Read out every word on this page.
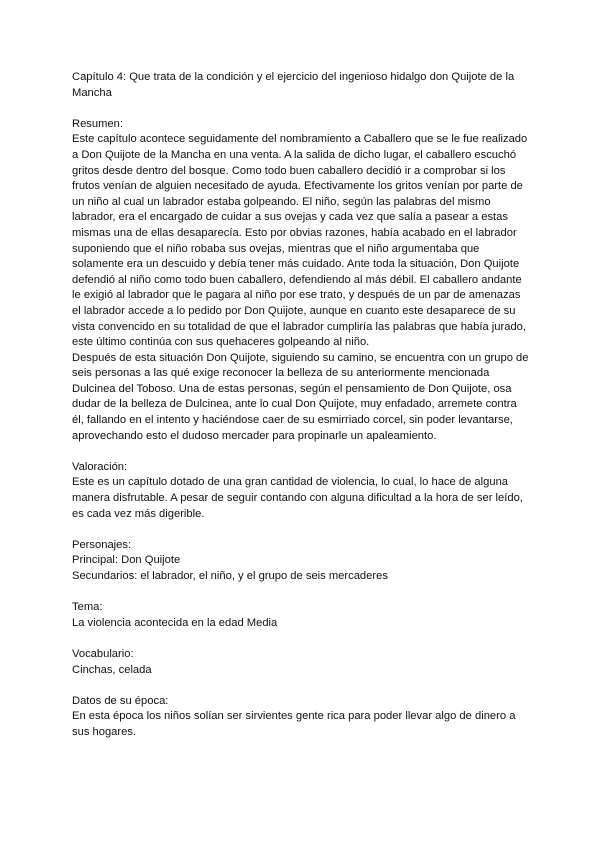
Capítulo 4: Que trata de la condición y el ejercicio del ingenioso hidalgo don Quijote de la Mancha

Resumen:

Este capítulo acontece seguidamente del nombramiento a Caballero que se le fue realizado a Don Quijote de la Mancha en una venta. A la salida de dicho lugar, el caballero escuchó gritos desde dentro del bosque. Como todo buen caballero decidió ir a comprobar si los frutos venían de alguien necesitado de ayuda. Efectivamente los gritos venían por parte de un niño al cual un labrador estaba golpeando. El niño, según las palabras del mismo labrador, era el encargado de cuidar a sus ovejas y cada vez que salía a pasear a estas mismas una de ellas desaparecía. Esto por obvias razones, había acabado en el labrador suponiendo que el niño robaba sus ovejas, mientras que el niño argumentaba que solamente era un descuido y debía tener más cuidado. Ante toda la situación, Don Quijote defendió al niño como todo buen caballero, defendiendo al más débil. El caballero andante le exigió al labrador que le pagara al niño por ese trato, y después de un par de amenazas el labrador accede a lo pedido por Don Quijote, aunque en cuanto este desaparece de su vista convencido en su totalidad de que el labrador cumpliría las palabras que había jurado, este último continúa con sus quehaceres golpeando al niño.

Después de esta situación Don Quijote, siguiendo su camino, se encuentra con un grupo de seis personas a las qué exige reconocer la belleza de su anteriormente mencionada Dulcinea del Toboso. Una de estas personas, según el pensamiento de Don Quijote, osa dudar de la belleza de Dulcinea, ante lo cual Don Quijote, muy enfadado, arremete contra él, fallando en el intento y haciéndose caer de su esmirriado corcel, sin poder levantarse, aprovechando esto el dudoso mercader para propinarle un apaleamiento.

Valoración:

Este es un capítulo dotado de una gran cantidad de violencia, lo cual, lo hace de alguna manera disfrutable. A pesar de seguir contando con alguna dificultad a la hora de ser leído, es cada vez más digerible.

Personajes:

Principal: Don Quijote

Secundarios: el labrador, el niño, y el grupo de seis mercaderes

Tema:

La violencia acontecida en la edad Media

Vocabulario:

Cinchas, celada

Datos de su época:

En esta época los niños solían ser sirvientes gente rica para poder llevar algo de dinero a sus hogares.
